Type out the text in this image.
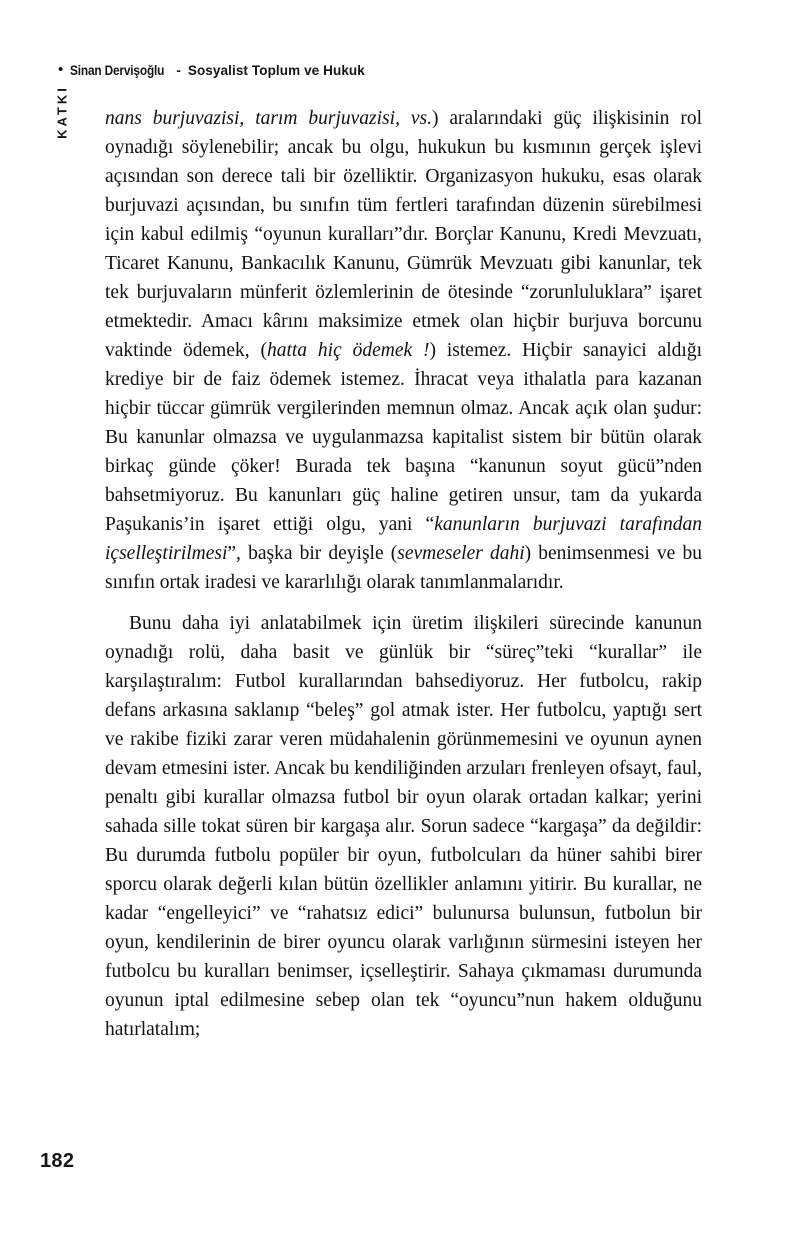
• Sinan Dervişoğlu - Sosyalist Toplum ve Hukuk
KATKI nans burjuvazisi, tarım burjuvazisi, vs.) aralarındaki güç ilişkisinin rol oynadığı söylenebilir; ancak bu olgu, hukukun bu kısmının gerçek işlevi açısından son derece tali bir özelliktir. Organizasyon hukuku, esas olarak burjuvazi açısından, bu sınıfın tüm fertleri tarafından düzenin sürebilmesi için kabul edilmiş “oyunun kuralları”dır. Borçlar Kanunu, Kredi Mevzuatı, Ticaret Kanunu, Bankacılık Kanunu, Gümrük Mevzuatı gibi kanunlar, tek tek burjuvaların münferit özlemlerinin de ötesinde “zorunluluklara” işaret etmektedir. Amacı kârını maksimize etmek olan hiçbir burjuva borcunu vaktinde ödemek, (hatta hiç ödemek !) istemez. Hiçbir sanayici aldığı krediye bir de faiz ödemek istemez. İhracat veya ithalatla para kazanan hiçbir tüccar gümrük vergilerinden memnun olmaz. Ancak açık olan şudur: Bu kanunlar olmazsa ve uygulanmazsa kapitalist sistem bir bütün olarak birkaç günde çöker! Burada tek başına “kanunun soyut gücü”nden bahsetmiyoruz. Bu kanunları güç haline getiren unsur, tam da yukarda Paşukanis’in işaret ettiği olgu, yani “kanunların burjuvazi tarafından içselleştirilmesi”, başka bir deyişle (sevmeseler dahi) benimsenmesi ve bu sınıfın ortak iradesi ve kararlılığı olarak tanımlanmalarıdır.

Bunu daha iyi anlatabilmek için üretim ilişkileri sürecinde kanunun oynadığı rolü, daha basit ve günlük bir “süreç”teki “kurallar” ile karşılaştıralım: Futbol kurallarından bahsediyoruz. Her futbolcu, rakip defans arkasına saklanıp “beleş” gol atmak ister. Her futbolcu, yaptığı sert ve rakibe fiziki zarar veren müdahalenin görünmemesini ve oyunun aynen devam etmesini ister. Ancak bu kendiliğinden arzuları frenleyen ofsayt, faul, penaltı gibi kurallar olmazsa futbol bir oyun olarak ortadan kalkar; yerini sahada sille tokat süren bir kargaşa alır. Sorun sadece “kargaşa” da değildir: Bu durumda futbolu popüler bir oyun, futbolcuları da hüner sahibi birer sporcu olarak değerli kılan bütün özellikler anlamını yitirir. Bu kurallar, ne kadar “engelleyici” ve “rahatsız edici” bulunursa bulunsun, futbolun bir oyun, kendilerinin de birer oyuncu olarak varlığının sürmesini isteyen her futbolcu bu kuralları benimser, içselleştirir. Sahaya çıkmaması durumunda oyunun iptal edilmesine sebep olan tek “oyuncu”nun hakem olduğunu hatırlatalım;

182
